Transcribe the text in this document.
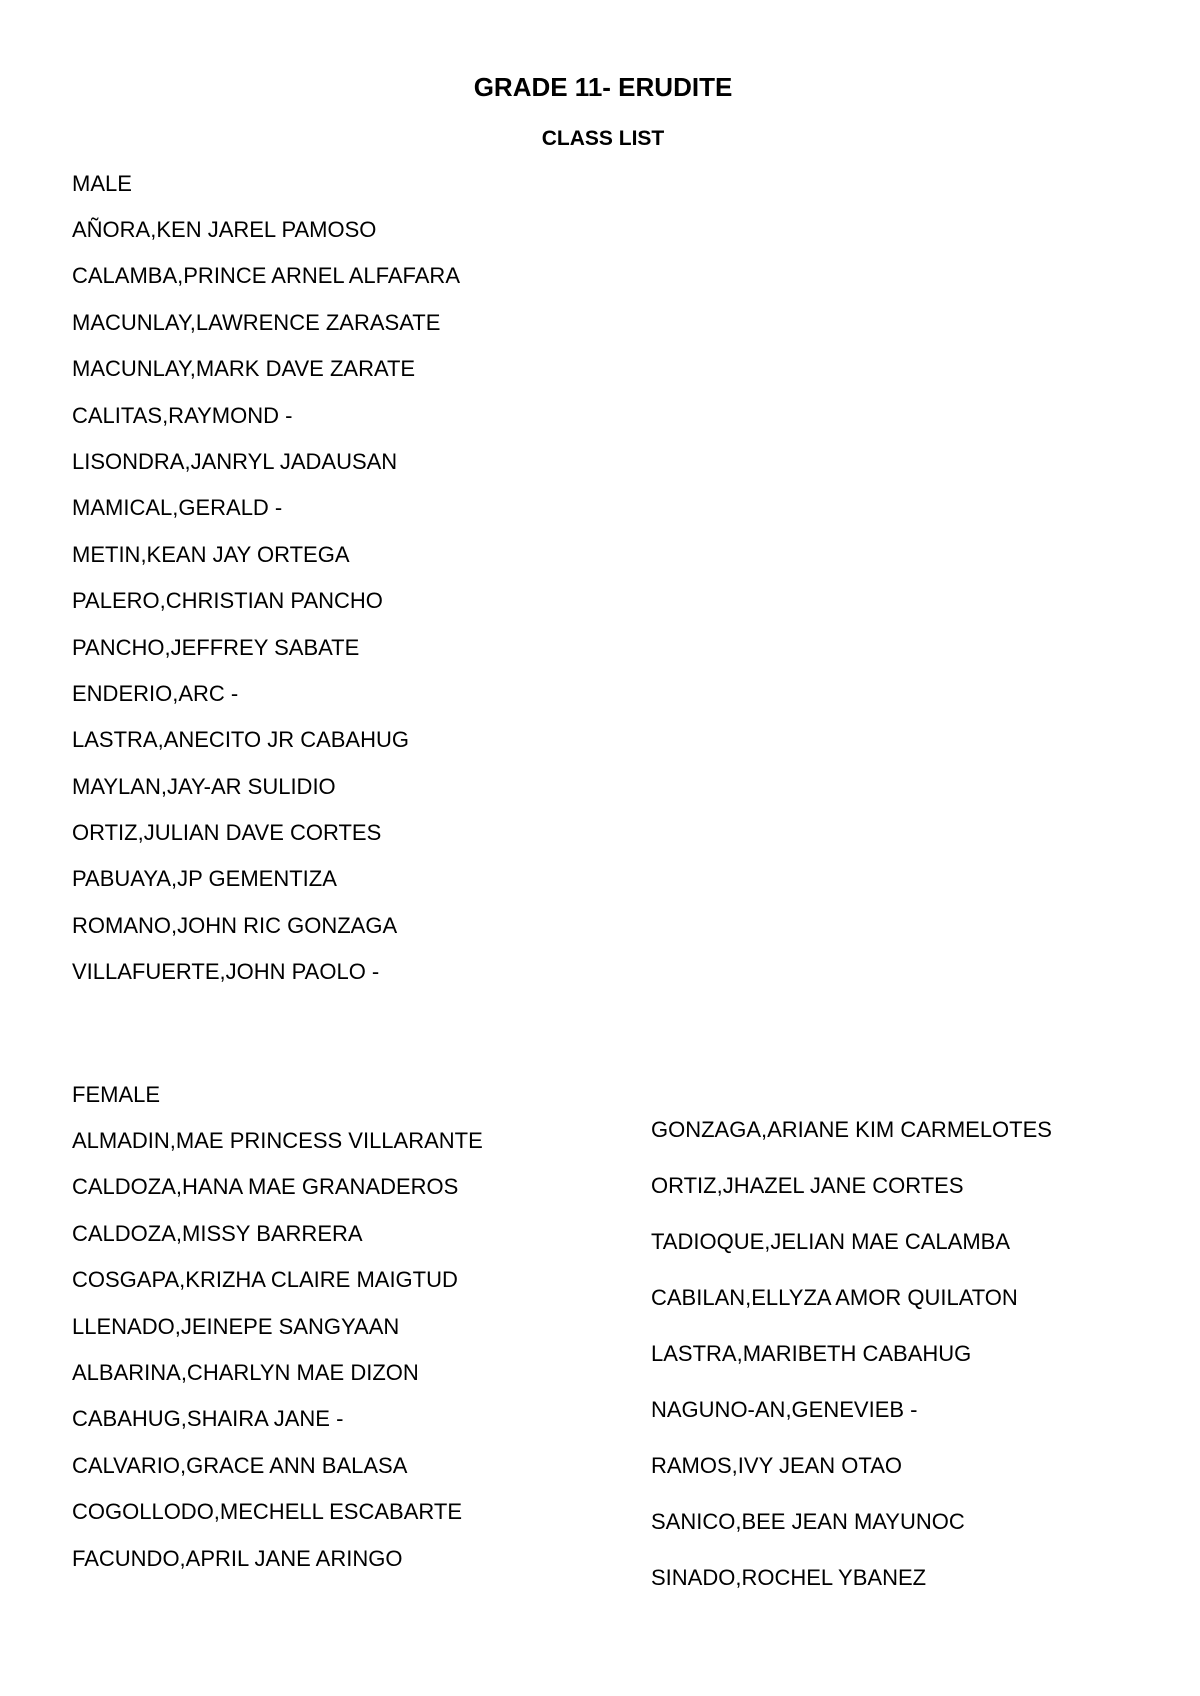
GRADE 11- ERUDITE
CLASS LIST
MALE
AÑORA,KEN JAREL PAMOSO
CALAMBA,PRINCE ARNEL ALFAFARA
MACUNLAY,LAWRENCE ZARASATE
MACUNLAY,MARK DAVE ZARATE
CALITAS,RAYMOND -
LISONDRA,JANRYL JADAUSAN
MAMICAL,GERALD -
METIN,KEAN JAY ORTEGA
PALERO,CHRISTIAN PANCHO
PANCHO,JEFFREY SABATE
ENDERIO,ARC -
LASTRA,ANECITO JR CABAHUG
MAYLAN,JAY-AR SULIDIO
ORTIZ,JULIAN DAVE CORTES
PABUAYA,JP GEMENTIZA
ROMANO,JOHN RIC GONZAGA
VILLAFUERTE,JOHN PAOLO -
FEMALE
ALMADIN,MAE PRINCESS VILLARANTE
CALDOZA,HANA MAE GRANADEROS
CALDOZA,MISSY BARRERA
COSGAPA,KRIZHA CLAIRE MAIGTUD
LLENADO,JEINEPE SANGYAAN
ALBARINA,CHARLYN MAE DIZON
CABAHUG,SHAIRA JANE -
CALVARIO,GRACE ANN BALASA
COGOLLODO,MECHELL ESCABARTE
FACUNDO,APRIL JANE ARINGO
GONZAGA,ARIANE KIM CARMELOTES
ORTIZ,JHAZEL JANE CORTES
TADIOQUE,JELIAN MAE CALAMBA
CABILAN,ELLYZA AMOR QUILATON
LASTRA,MARIBETH CABAHUG
NAGUNO-AN,GENEVIEB -
RAMOS,IVY JEAN OTAO
SANICO,BEE JEAN MAYUNOC
SINADO,ROCHEL YBANEZ
